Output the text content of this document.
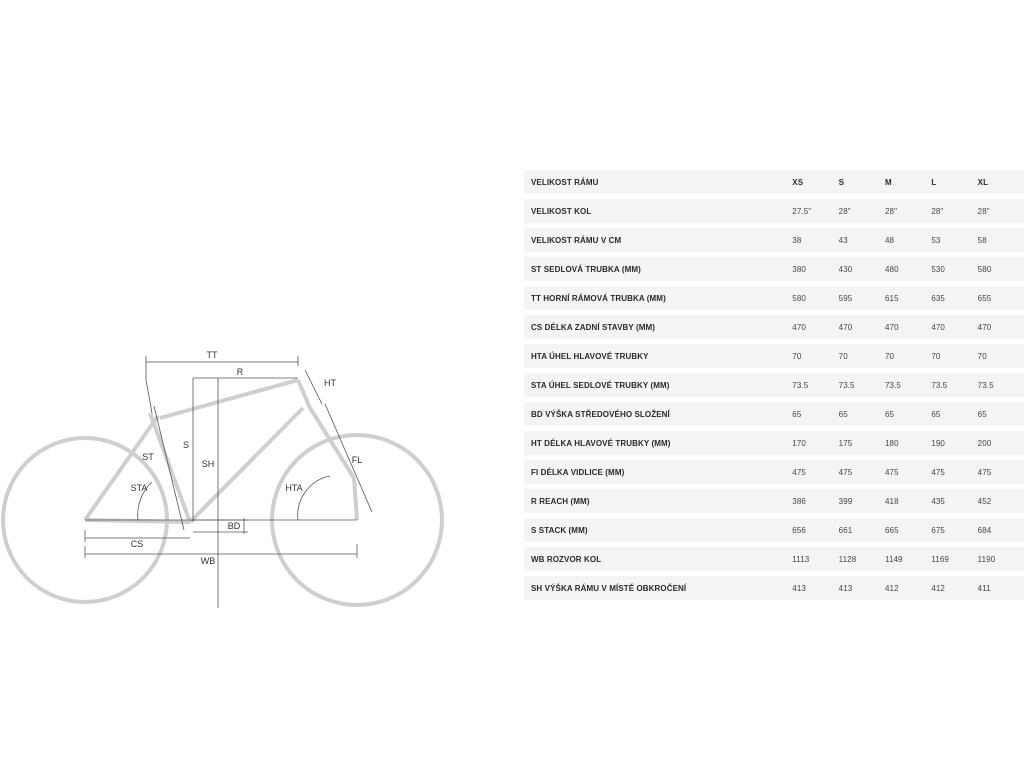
TT
R
HT
ST
S
SH	FL
STA	HTA
BD
CS
WB
VELIKOST RÁMU	XS	S	M	L	XL
VELIKOST KOL	27.5"	28"	28"	28"	28"
VELIKOST RÁMU V CM	38	43	48	53	58
ST SEDLOVÁ TRUBKA (MM)	380	430	480	530	580
TT HORNÍ RÁMOVÁ TRUBKA (MM)	580	595	615	635	655
CS DÉLKA ZADNÍ STAVBY (MM)	470	470	470	470	470
HTA ÚHEL HLAVOVÉ TRUBKY	70	70	70	70	70
STA ÚHEL SEDLOVÉ TRUBKY (MM)	73.5	73.5	73.5	73.5	73.5
BD VÝŠKA STŘEDOVÉHO SLOŽENÍ	65	65	65	65	65
HT DÉLKA HLAVOVÉ TRUBKY (MM)	170	175	180	190	200
FI DÉLKA VIDLICE (MM)	475	475	475	475	475
R REACH (MM)	386	399	418	435	452
S STACK (MM)	656	661	665	675	684
WB ROZVOR KOL	1113	1128	1149	1169	1190
SH VÝŠKA RÁMU V MÍSTĚ OBKROČENÍ	413	413	412	412	411
